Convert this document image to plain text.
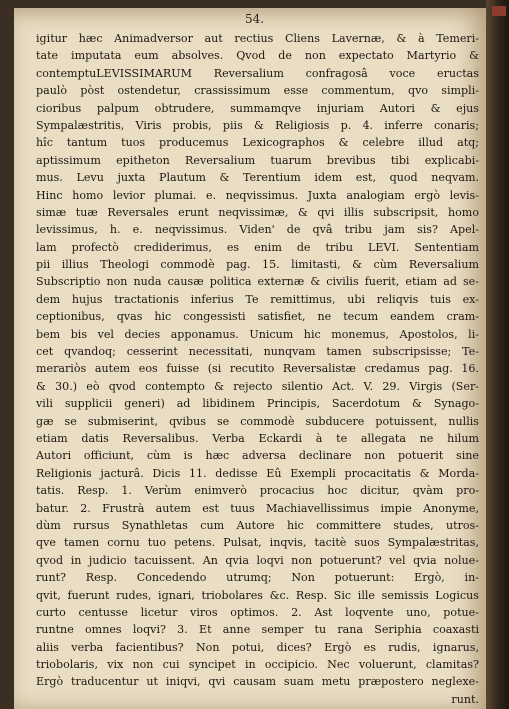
54.
igitur hæc Animadversor aut rectius Cliens Lavernæ, & à Temeri-
tate imputata eum absolves. Qvod de non expectato Martyrio &
contemptuLEVISSIMARUM Reversalium confragosâ voce eructas
paulò pòst ostendetur, crassissimum esse commentum, qvo simpli-
cioribus palpum obtrudere, summamqve injuriam Autori & ejus
Sympalæstritis, Viris probis, piis & Religiosis p. 4. inferre conaris;
hîc tantum tuos producemus Lexicographos & celebre illud atq;
aptissimum epitheton Reversalium tuarum brevibus tibi explicabi-
mus. Levu juxta Plautum & Terentium idem est, quod neqvam.
Hinc homo levior plumai. e. neqvissimus. Juxta analogiam ergò levis-
simæ tuæ Reversales erunt neqvissimæ, & qvi illis subscripsit, homo
levissimus, h. e. neqvissimus. Viden' de qvâ tribu jam sis? Apel-
lam profectò crediderimus, es enim de tribu LEVI. Sententiam
pii illius Theologi commodè pag. 15. limitasti, & cùm Reversalium
Subscriptio non nuda causæ politica externæ & civilis fuerit, etiam ad se-
dem hujus tractationis inferius Te remittimus, ubi reliqvis tuis ex-
ceptionibus, qvas hic congessisti satisfiet, ne tecum eandem cram-
bem bis vel decies apponamus. Unicum hic monemus, Apostolos, li-
cet qvandoq; cesserint necessitati, nunqvam tamen subscripsisse; Te-
merariòs autem eos fuisse (si recutito Reversalistæ credamus pag. 16.
& 30.) eò qvod contempto & rejecto silentio Act. V. 29. Virgis (Ser-
vili supplicii generi) ad libidinem Principis, Sacerdotum & Synago-
gæ se submiserint, qvibus se commodè subducere potuissent, nullis
etiam datis Reversalibus. Verba Eckardi à te allegata ne hilum
Autori officiunt, cùm is hæc adversa declinare non potuerit sine
Religionis jacturâ. Dicis 11. dedisse Eû Exempli procacitatis & Morda-
tatis. Resp. 1. Verùm enimverò procacius hoc dicitur, qvàm pro-
batur. 2. Frustrà autem est tuus Machiavellissimus impie Anonyme,
dùm rursus Synathletas cum Autore hic committere studes, utros-
qve tamen cornu tuo petens. Pulsat, inqvis, tacitè suos Sympalæstritas,
qvod in judicio tacuissent. An qvia loqvi non potuerunt? vel qvia nolue-
runt? Resp. Concedendo utrumq; Non potuerunt: Ergò, in-
qvit, fuerunt rudes, ignari, triobolares &c. Resp. Sic ille semissis Logicus
curto centusse licetur viros optimos. 2. Ast loqvente uno, potue-
runtne omnes loqvi? 3. Et anne semper tu rana Seriphia coaxasti
aliis verba facientibus? Non potui, dices? Ergò es rudis, ignarus,
triobolaris, vix non cui syncipet in occipicio. Nec voluerunt, clamitas?
Ergò traducentur ut iniqvi, qvi causam suam metu præpostero neglexe-
runt.
